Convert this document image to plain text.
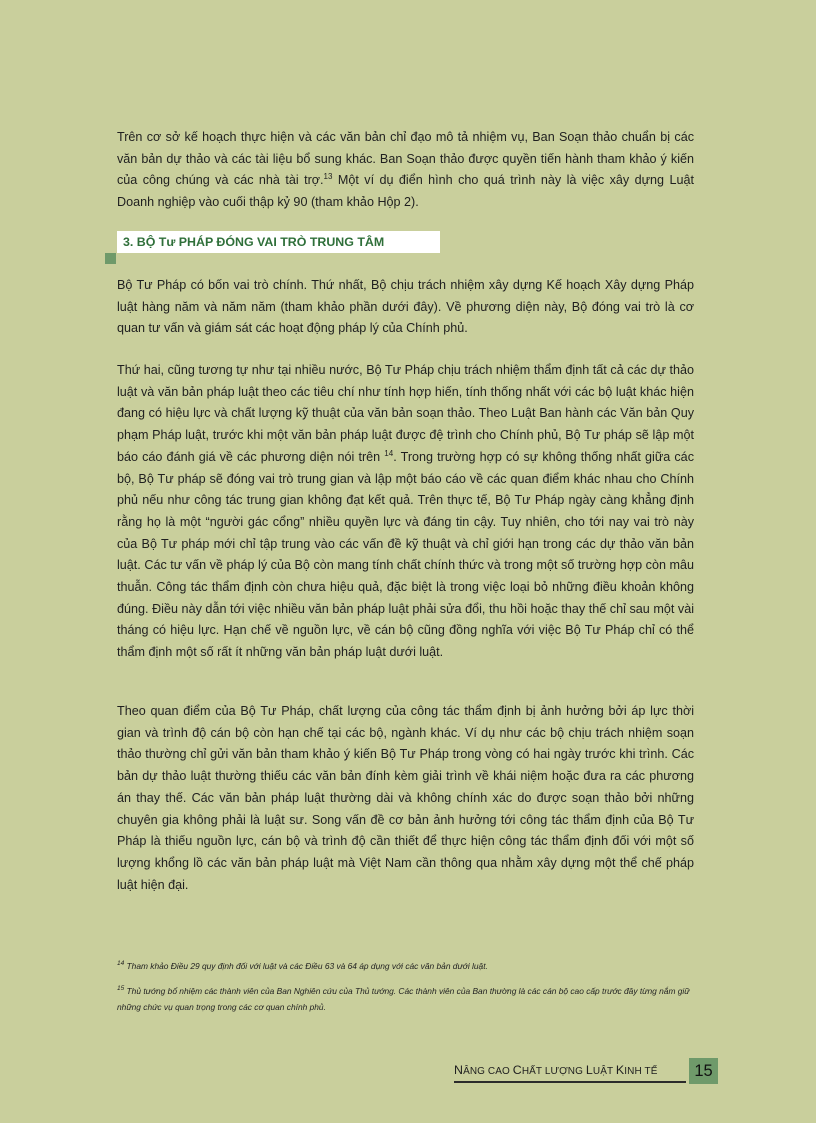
Trên cơ sở kế hoạch thực hiện và các văn bản chỉ đạo mô tả nhiệm vụ, Ban Soạn thảo chuẩn bị các văn bản dự thảo và các tài liệu bổ sung khác. Ban Soạn thảo được quyền tiến hành tham khảo ý kiến của công chúng và các nhà tài trợ.$^{13}$ Một ví dụ điển hình cho quá trình này là việc xây dựng Luật Doanh nghiệp vào cuối thập kỷ 90 (tham khảo Hộp 2).

3. BỘ Tư PHÁP ĐÓNG VAI TRÒ TRUNG TÂM

Bộ Tư Pháp có bốn vai trò chính. Thứ nhất, Bộ chịu trách nhiệm xây dựng Kế hoạch Xây dựng Pháp luật hàng năm và năm năm (tham khảo phần dưới đây). Về phương diện này, Bộ đóng vai trò là cơ quan tư vấn và giám sát các hoạt động pháp lý của Chính phủ.

Thứ hai, cũng tương tự như tại nhiều nước, Bộ Tư Pháp chịu trách nhiệm thẩm định tất cả các dự thảo luật và văn bản pháp luật theo các tiêu chí như tính hợp hiến, tính thống nhất với các bộ luật khác hiện đang có hiệu lực và chất lượng kỹ thuật của văn bản soạn thảo. Theo Luật Ban hành các Văn bản Quy phạm Pháp luật, trước khi một văn bản pháp luật được đệ trình cho Chính phủ, Bộ Tư pháp sẽ lập một báo cáo đánh giá về các phương diện nói trên $^{14}$. Trong trường hợp có sự không thống nhất giữa các bộ, Bộ Tư pháp sẽ đóng vai trò trung gian và lập một báo cáo về các quan điểm khác nhau cho Chính phủ nếu như công tác trung gian không đạt kết quả. Trên thực tế, Bộ Tư Pháp ngày càng khẳng định rằng họ là một “người gác cổng” nhiều quyền lực và đáng tin cậy. Tuy nhiên, cho tới nay vai trò này của Bộ Tư pháp mới chỉ tập trung vào các vấn đề kỹ thuật và chỉ giới hạn trong các dự thảo văn bản luật. Các tư vấn về pháp lý của Bộ còn mang tính chất chính thức và trong một số trường hợp còn mâu thuẫn. Công tác thẩm định còn chưa hiệu quả, đặc biệt là trong việc loại bỏ những điều khoản không đúng. Điều này dẫn tới việc nhiều văn bản pháp luật phải sửa đổi, thu hồi hoặc thay thế chỉ sau một vài tháng có hiệu lực. Hạn chế về nguồn lực, về cán bộ cũng đồng nghĩa với việc Bộ Tư Pháp chỉ có thể thẩm định một số rất ít những văn bản pháp luật dưới luật.

Theo quan điểm của Bộ Tư Pháp, chất lượng của công tác thẩm định bị ảnh hưởng bởi áp lực thời gian và trình độ cán bộ còn hạn chế tại các bộ, ngành khác. Ví dụ như các bộ chịu trách nhiệm soạn thảo thường chỉ gửi văn bản tham khảo ý kiến Bộ Tư Pháp trong vòng có hai ngày trước khi trình. Các bản dự thảo luật thường thiếu các văn bản đính kèm giải trình về khái niệm hoặc đưa ra các phương án thay thế. Các văn bản pháp luật thường dài và không chính xác do được soạn thảo bởi những chuyên gia không phải là luật sư. Song vấn đề cơ bản ảnh hưởng tới công tác thẩm định của Bộ Tư Pháp là thiếu nguồn lực, cán bộ và trình độ cần thiết để thực hiện công tác thẩm định đối với một số lượng khổng lồ các văn bản pháp luật mà Việt Nam cần thông qua nhằm xây dựng một thể chế pháp luật hiện đại.

$^{14}$ Tham khảo Điều 29 quy định đối với luật và các Điều 63 và 64 áp dụng với các văn bản dưới luật.

$^{15}$ Thủ tướng bổ nhiệm các thành viên của Ban Nghiên cứu của Thủ tướng. Các thành viên của Ban thường là các cán bộ cao cấp trước đây từng nắm giữ những chức vụ quan trọng trong các cơ quan chính phủ.

NÂNG CAO CHẤT LƯỢNG LUẬT KINH TẾ	15
